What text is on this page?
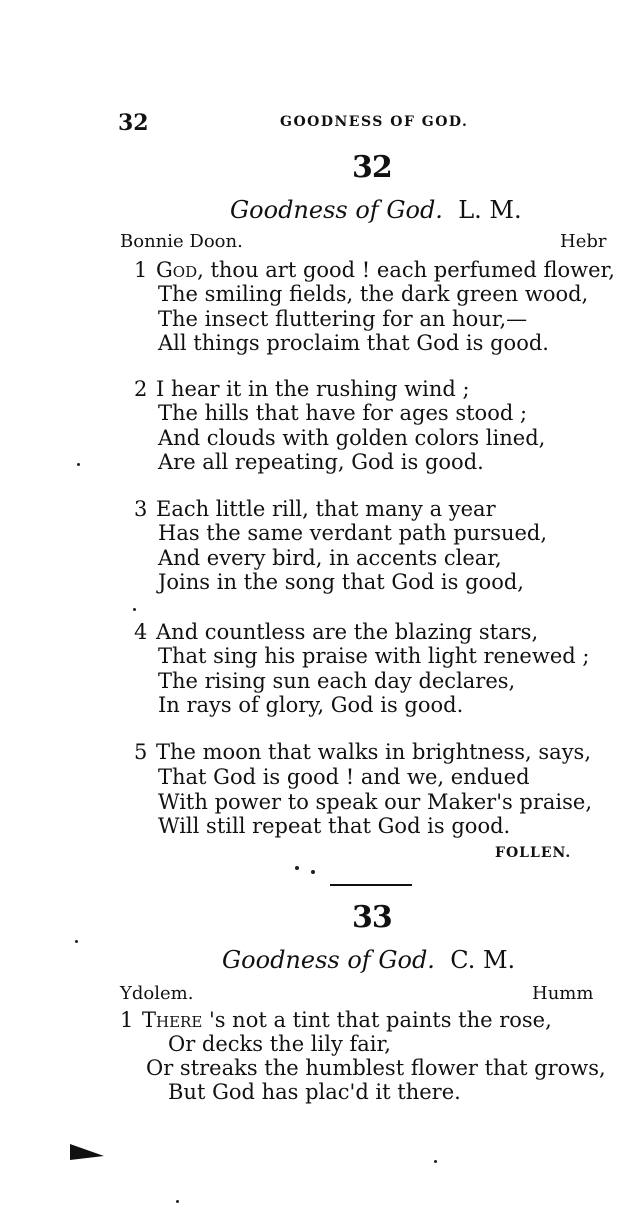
32	GOODNESS OF GOD.
32
Goodness of God. L. M.
Bonnie Doon.	Hebr
1 God, thou art good ! each perfumed flower,
The smiling fields, the dark green wood,
The insect fluttering for an hour,—
All things proclaim that God is good.
2 I hear it in the rushing wind ;
The hills that have for ages stood ;
And clouds with golden colors lined,
Are all repeating, God is good.
3 Each little rill, that many a year
Has the same verdant path pursued,
And every bird, in accents clear,
Joins in the song that God is good,
4 And countless are the blazing stars,
That sing his praise with light renewed ;
The rising sun each day declares,
In rays of glory, God is good.
5 The moon that walks in brightness, says,
That God is good ! and we, endued
With power to speak our Maker's praise,
Will still repeat that God is good.
FOLLEN.
33
Goodness of God. C. M.
Ydolem.	Humm
1 There 's not a tint that paints the rose,
Or decks the lily fair,
Or streaks the humblest flower that grows,
But God has plac'd it there.
